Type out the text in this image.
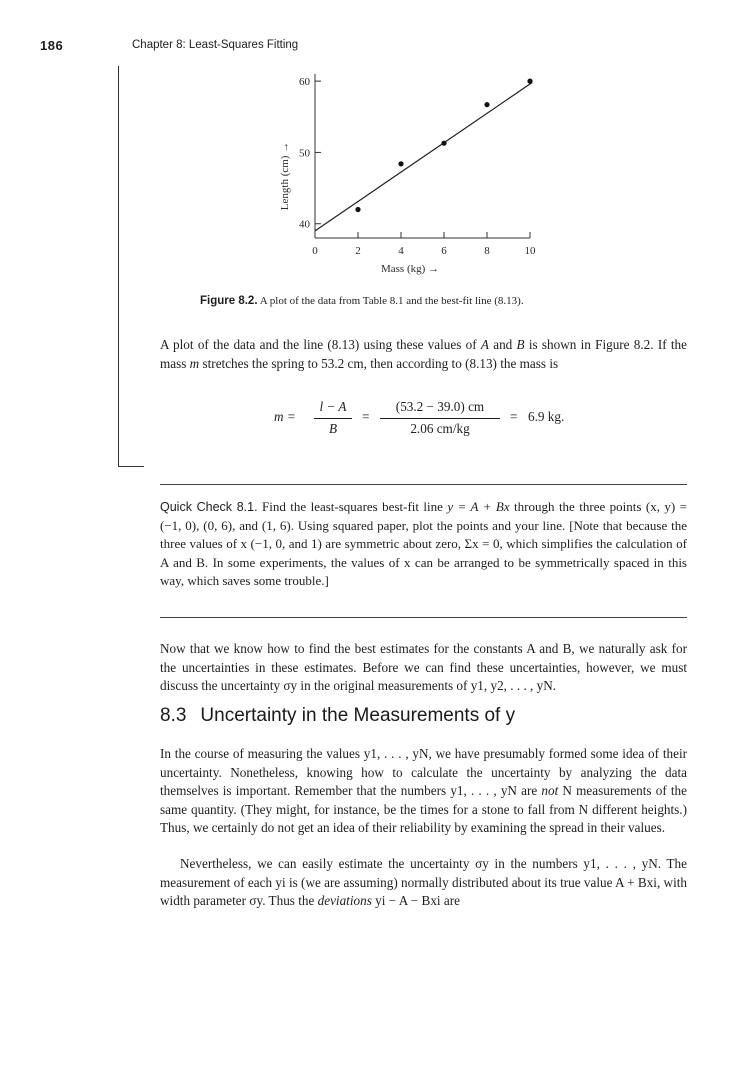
186	Chapter 8: Least-Squares Fitting
0	2	4	6	8	10
40
50
60
Length (cm) →
Mass (kg) →
Figure 8.2. A plot of the data from Table 8.1 and the best-fit line (8.13).

A plot of the data and the line (8.13) using these values of A and B is shown in Figure 8.2. If the mass m stretches the spring to 53.2 cm, then according to (8.13) the mass is

m =
l − A
B
=
(53.2 − 39.0) cm
2.06 cm/kg
= 6.9 kg.

Quick Check 8.1. Find the least-squares best-fit line y = A + Bx through the three points (x, y) = (−1, 0), (0, 6), and (1, 6). Using squared paper, plot the points and your line. [Note that because the three values of x (−1, 0, and 1) are symmetric about zero, Σx = 0, which simplifies the calculation of A and B. In some experiments, the values of x can be arranged to be symmetrically spaced in this way, which saves some trouble.]

Now that we know how to find the best estimates for the constants A and B, we naturally ask for the uncertainties in these estimates. Before we can find these uncertainties, however, we must discuss the uncertainty σy in the original measurements of y1, y2, . . . , yN.

8.3 Uncertainty in the Measurements of y

In the course of measuring the values y1, . . . , yN, we have presumably formed some idea of their uncertainty. Nonetheless, knowing how to calculate the uncertainty by analyzing the data themselves is important. Remember that the numbers y1, . . . , yN are not N measurements of the same quantity. (They might, for instance, be the times for a stone to fall from N different heights.) Thus, we certainly do not get an idea of their reliability by examining the spread in their values.

Nevertheless, we can easily estimate the uncertainty σy in the numbers y1, . . . , yN. The measurement of each yi is (we are assuming) normally distributed about its true value A + Bxi, with width parameter σy. Thus the deviations yi − A − Bxi are
